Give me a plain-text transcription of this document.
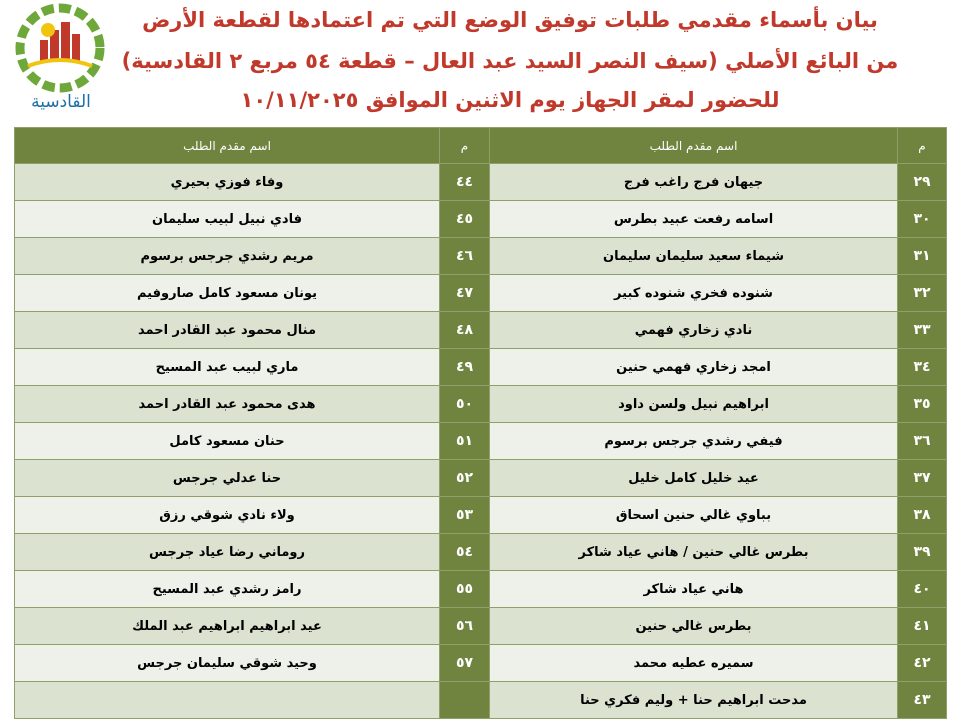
القادسية
بيان بأسماء مقدمي طلبات توفيق الوضع التي تم اعتمادها لقطعة الأرض
من البائع الأصلي (سيف النصر السيد عبد العال – قطعة ٥٤ مربع ٢ القادسية)
للحضور لمقر الجهاز يوم الاثنين الموافق ١٠/١١/٢٠٢٥
م	اسم مقدم الطلب	م	اسم مقدم الطلب
٢٩	جيهان فرج راغب فرج	٤٤	وفاء فوزي بحيري
٣٠	اسامه رفعت عبيد بطرس	٤٥	فادي نبيل لبيب سليمان
٣١	شيماء سعيد سليمان سليمان	٤٦	مريم رشدي جرجس برسوم
٣٢	شنوده فخري شنوده كبير	٤٧	يونان مسعود كامل صاروفيم
٣٣	نادي زخاري فهمي	٤٨	منال محمود عبد القادر احمد
٣٤	امجد زخاري فهمي حنين	٤٩	ماري لبيب عبد المسيح
٣٥	ابراهيم نبيل ولسن داود	٥٠	هدى محمود عبد القادر احمد
٣٦	فيفي رشدي جرجس برسوم	٥١	حنان مسعود كامل
٣٧	عيد خليل كامل خليل	٥٢	حنا عدلي جرجس
٣٨	بباوي غالي حنين اسحاق	٥٣	ولاء نادي شوقي رزق
٣٩	بطرس غالي حنين / هاني عياد شاكر	٥٤	روماني رضا عياد جرجس
٤٠	هاني عياد شاكر	٥٥	رامز رشدي عبد المسيح
٤١	بطرس غالي حنين	٥٦	عيد ابراهيم ابراهيم عبد الملك
٤٢	سميره عطيه محمد	٥٧	وحيد شوقي سليمان جرجس
٤٣	مدحت ابراهيم حنا + وليم فكري حنا		
